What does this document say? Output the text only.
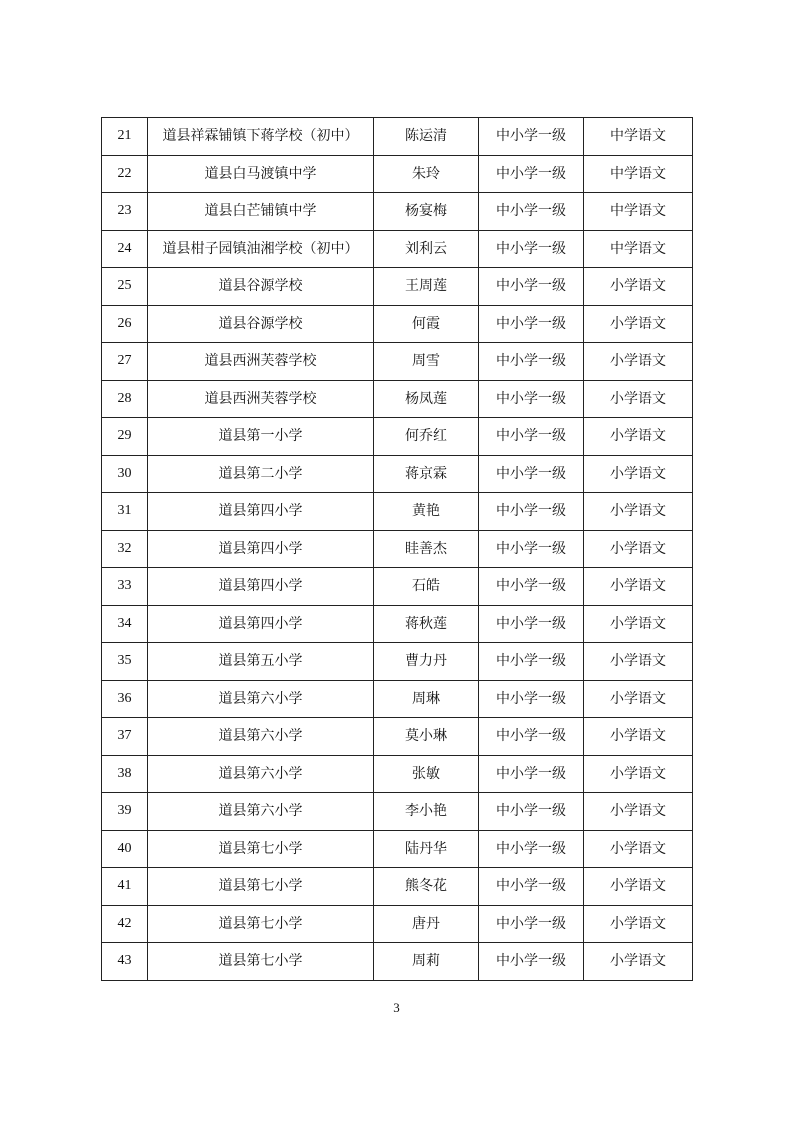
21	道县祥霖铺镇下蒋学校（初中）	陈运清	中小学一级	中学语文
22	道县白马渡镇中学	朱玲	中小学一级	中学语文
23	道县白芒铺镇中学	杨宴梅	中小学一级	中学语文
24	道县柑子园镇油湘学校（初中）	刘利云	中小学一级	中学语文
25	道县谷源学校	王周莲	中小学一级	小学语文
26	道县谷源学校	何霞	中小学一级	小学语文
27	道县西洲芙蓉学校	周雪	中小学一级	小学语文
28	道县西洲芙蓉学校	杨凤莲	中小学一级	小学语文
29	道县第一小学	何乔红	中小学一级	小学语文
30	道县第二小学	蒋京霖	中小学一级	小学语文
31	道县第四小学	黄艳	中小学一级	小学语文
32	道县第四小学	眭善杰	中小学一级	小学语文
33	道县第四小学	石皓	中小学一级	小学语文
34	道县第四小学	蒋秋莲	中小学一级	小学语文
35	道县第五小学	曹力丹	中小学一级	小学语文
36	道县第六小学	周琳	中小学一级	小学语文
37	道县第六小学	莫小琳	中小学一级	小学语文
38	道县第六小学	张敏	中小学一级	小学语文
39	道县第六小学	李小艳	中小学一级	小学语文
40	道县第七小学	陆丹华	中小学一级	小学语文
41	道县第七小学	熊冬花	中小学一级	小学语文
42	道县第七小学	唐丹	中小学一级	小学语文
43	道县第七小学	周莉	中小学一级	小学语文
3
